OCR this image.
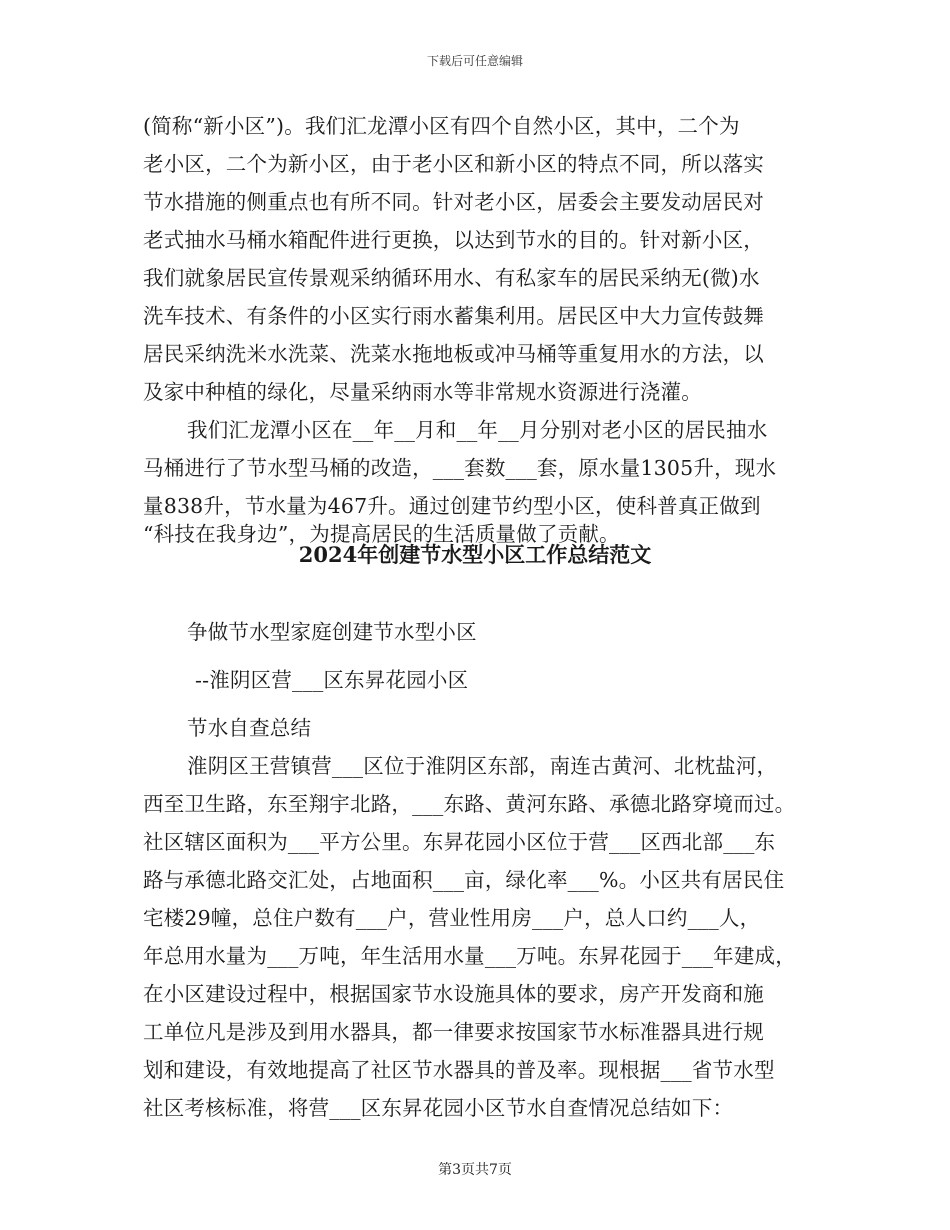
下载后可任意编辑
(简称“新小区”)。我们汇龙潭小区有四个自然小区，其中，二个为
老小区，二个为新小区，由于老小区和新小区的特点不同，所以落实
节水措施的侧重点也有所不同。针对老小区，居委会主要发动居民对
老式抽水马桶水箱配件进行更换，以达到节水的目的。针对新小区，
我们就象居民宣传景观采纳循环用水、有私家车的居民采纳无(微)水
洗车技术、有条件的小区实行雨水蓄集利用。居民区中大力宣传鼓舞
居民采纳洗米水洗菜、洗菜水拖地板或冲马桶等重复用水的方法，以
及家中种植的绿化，尽量采纳雨水等非常规水资源进行浇灌。
我们汇龙潭小区在__年__月和__年__月分别对老小区的居民抽水
马桶进行了节水型马桶的改造，___套数___套，原水量1305升，现水
量838升，节水量为467升。通过创建节约型小区，使科普真正做到
“科技在我身边”，为提高居民的生活质量做了贡献。
2024年创建节水型小区工作总结范文
争做节水型家庭创建节水型小区
--淮阴区营___区东昇花园小区
节水自查总结
淮阴区王营镇营___区位于淮阴区东部，南连古黄河、北枕盐河，
西至卫生路，东至翔宇北路，___东路、黄河东路、承德北路穿境而过。
社区辖区面积为___平方公里。东昇花园小区位于营___区西北部___东
路与承德北路交汇处，占地面积___亩，绿化率___%。小区共有居民住
宅楼29幢，总住户数有___户，营业性用房___户，总人口约___人，
年总用水量为___万吨，年生活用水量___万吨。东昇花园于___年建成，
在小区建设过程中，根据国家节水设施具体的要求，房产开发商和施
工单位凡是涉及到用水器具，都一律要求按国家节水标准器具进行规
划和建设，有效地提高了社区节水器具的普及率。现根据___省节水型
社区考核标准，将营___区东昇花园小区节水自查情况总结如下：
第3页共7页
